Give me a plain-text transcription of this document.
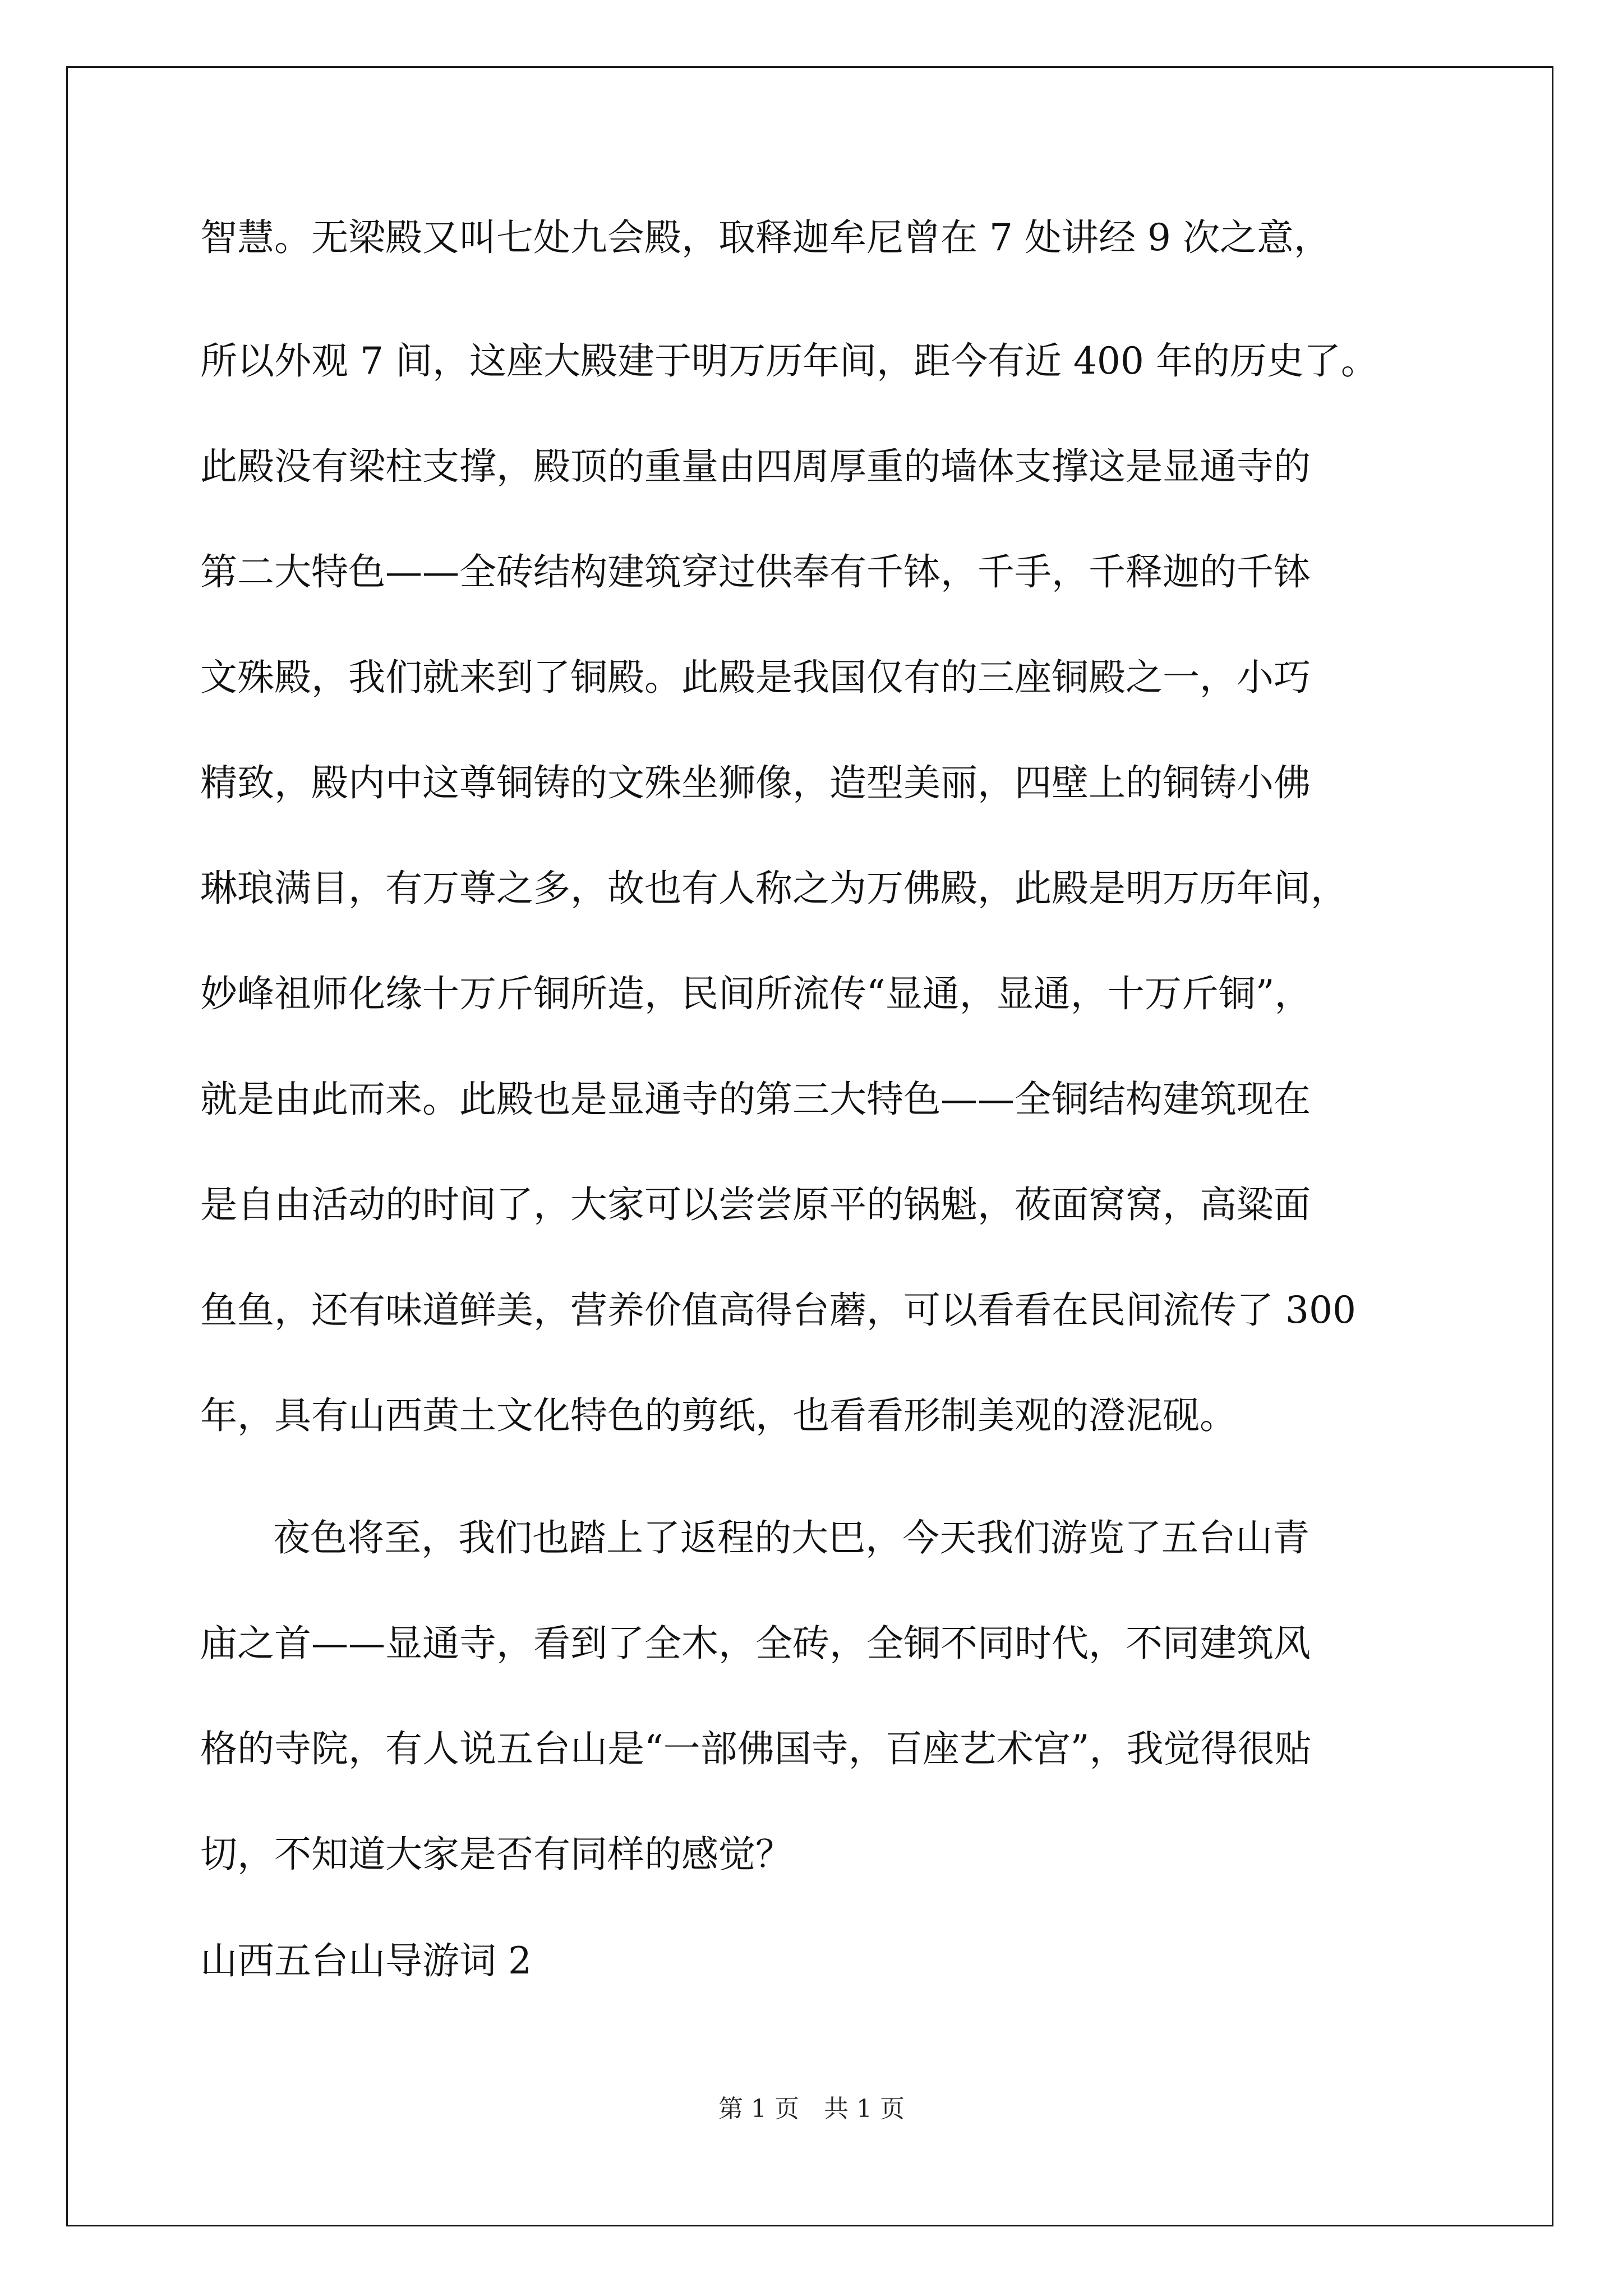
智慧。无梁殿又叫七处九会殿，取释迦牟尼曾在 7 处讲经 9 次之意，
所以外观 7 间，这座大殿建于明万历年间，距今有近 400 年的历史了。
此殿没有梁柱支撑，殿顶的重量由四周厚重的墙体支撑这是显通寺的
第二大特色——全砖结构建筑穿过供奉有千钵，千手，千释迦的千钵
文殊殿，我们就来到了铜殿。此殿是我国仅有的三座铜殿之一，小巧
精致，殿内中这尊铜铸的文殊坐狮像，造型美丽，四壁上的铜铸小佛
琳琅满目，有万尊之多，故也有人称之为万佛殿，此殿是明万历年间，
妙峰祖师化缘十万斤铜所造，民间所流传“显通，显通，十万斤铜”，
就是由此而来。此殿也是显通寺的第三大特色——全铜结构建筑现在
是自由活动的时间了，大家可以尝尝原平的锅魁，莜面窝窝，高粱面
鱼鱼，还有味道鲜美，营养价值高得台蘑，可以看看在民间流传了 300
年，具有山西黄土文化特色的剪纸，也看看形制美观的澄泥砚。
夜色将至，我们也踏上了返程的大巴，今天我们游览了五台山青
庙之首——显通寺，看到了全木，全砖，全铜不同时代，不同建筑风
格的寺院，有人说五台山是“一部佛国寺，百座艺术宫”，我觉得很贴
切，不知道大家是否有同样的感觉？
山西五台山导游词 2
第 1 页　共 1 页
